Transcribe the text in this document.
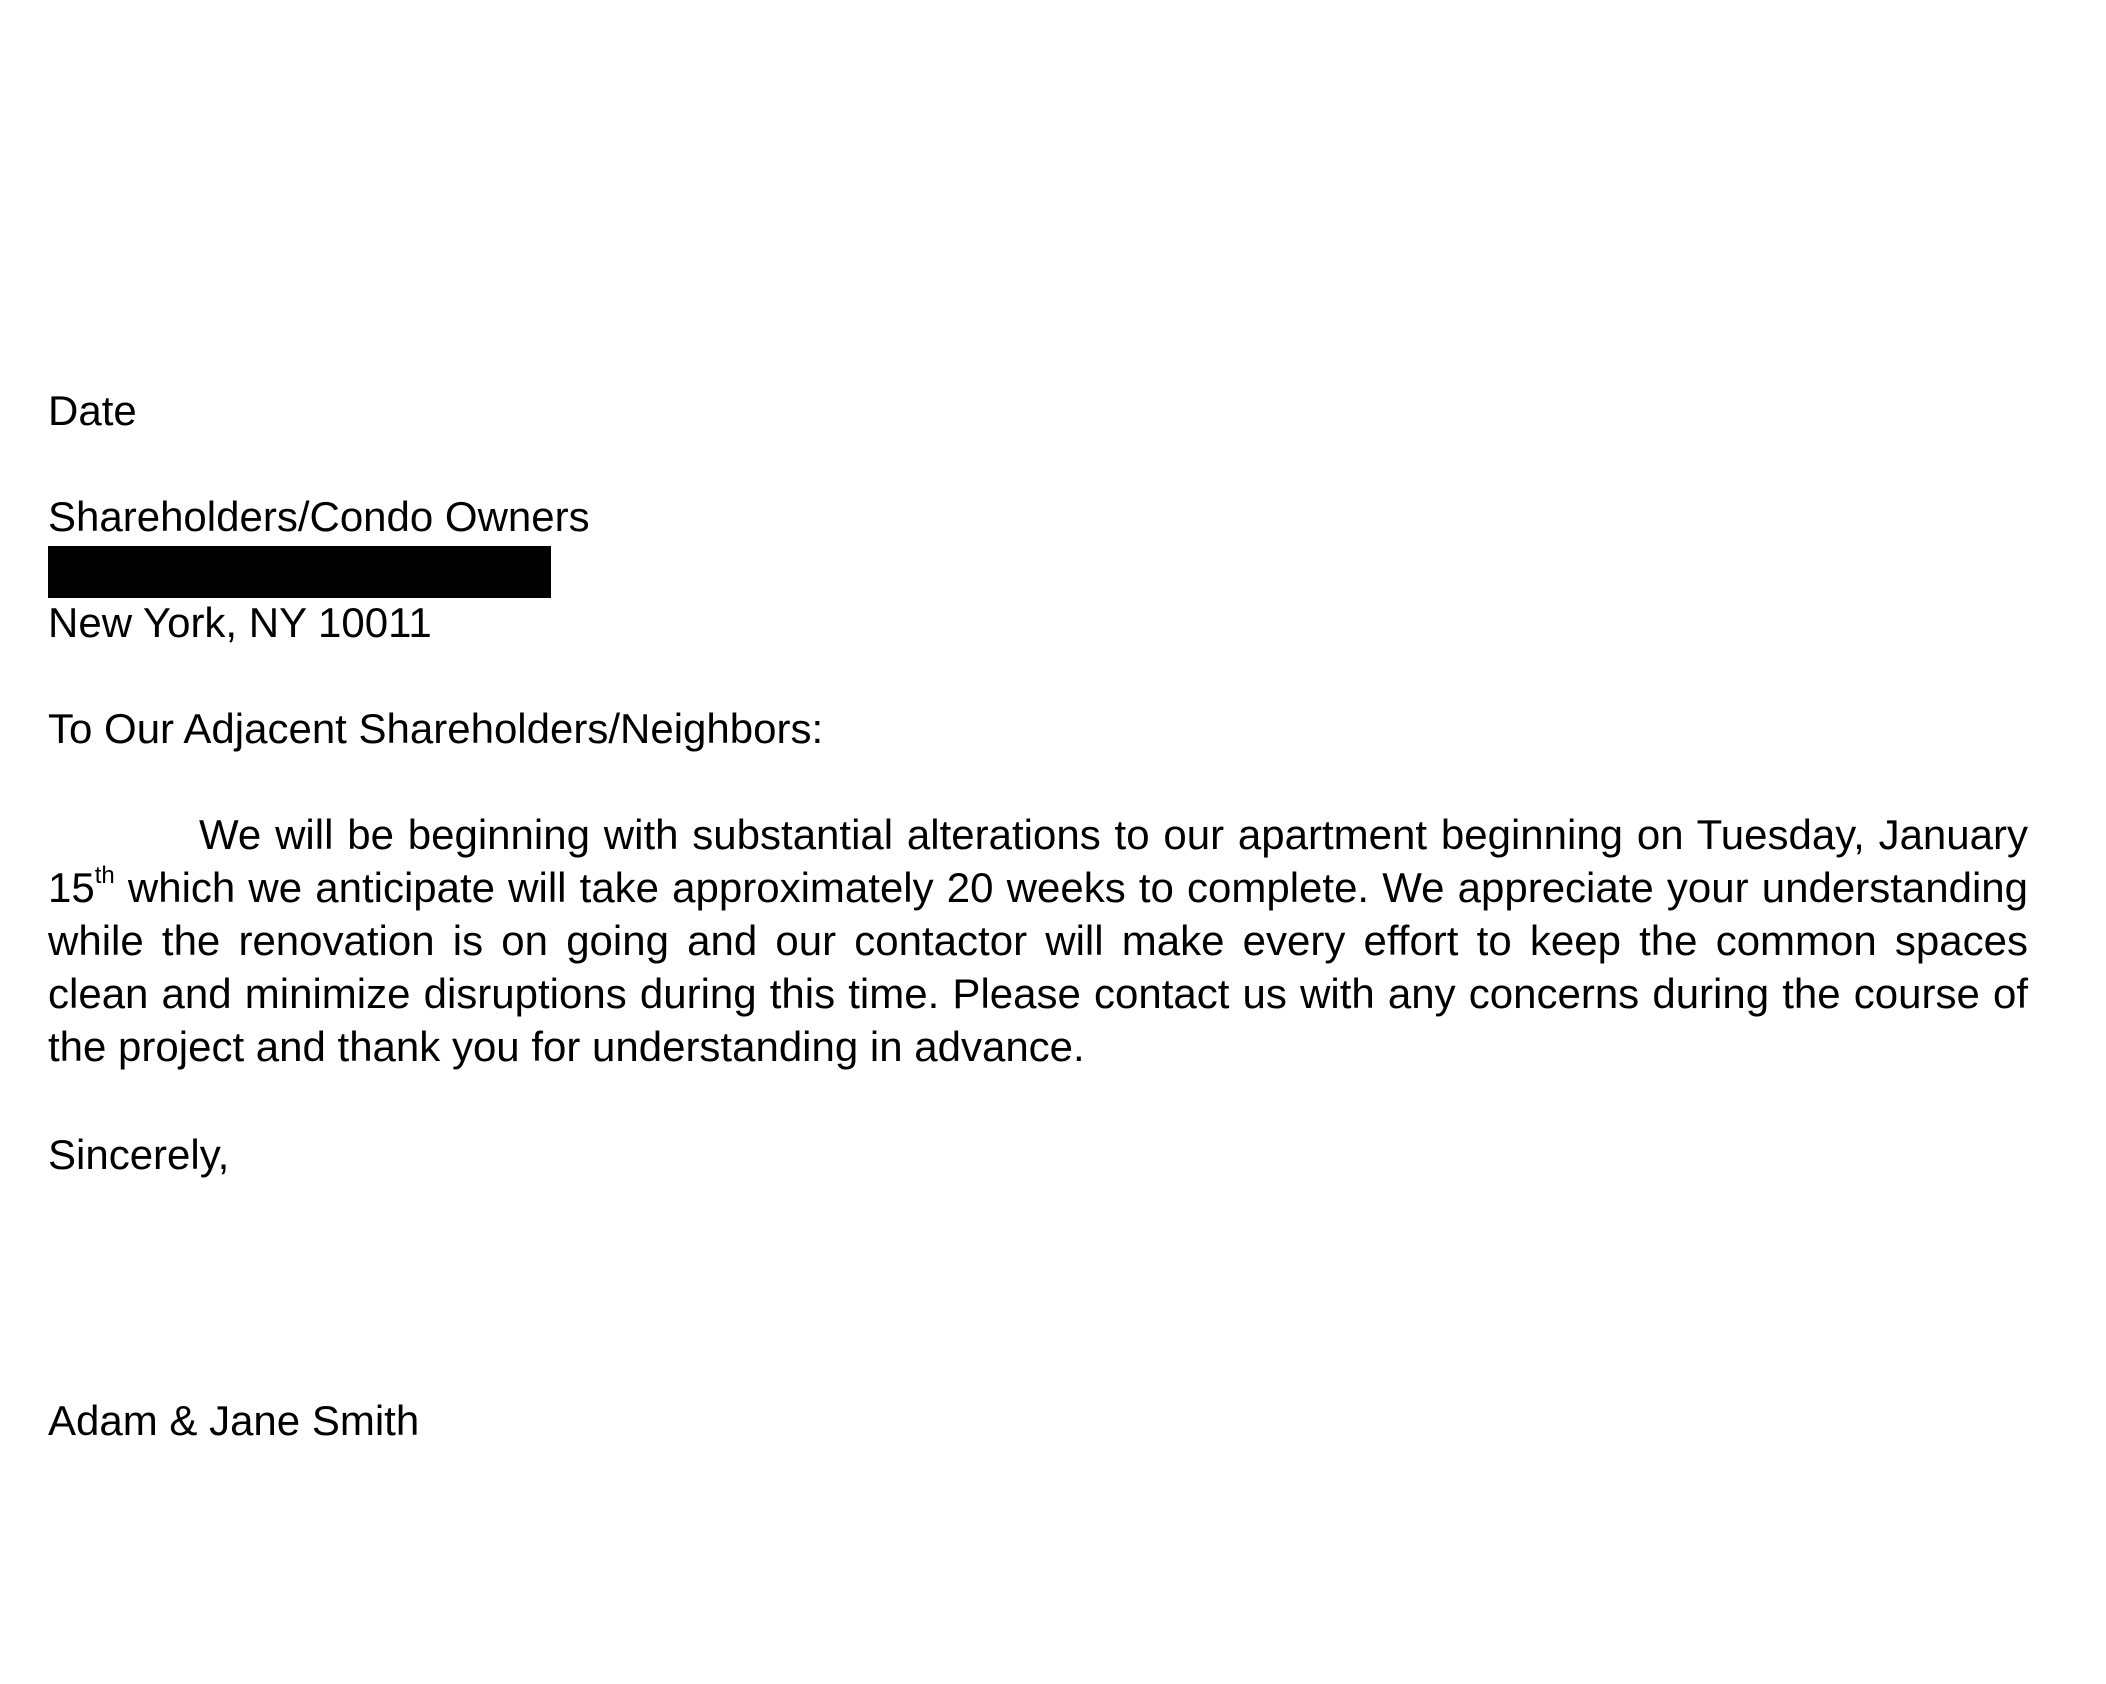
Date
Shareholders/Condo Owners
New York, NY 10011
To Our Adjacent Shareholders/Neighbors:
We will be beginning with substantial alterations to our apartment beginning on Tuesday, January 15th which we anticipate will take approximately 20 weeks to complete. We appreciate your understanding while the renovation is on going and our contactor will make every effort to keep the common spaces clean and minimize disruptions during this time. Please contact us with any concerns during the course of the project and thank you for understanding in advance.
Sincerely,
Adam & Jane Smith
